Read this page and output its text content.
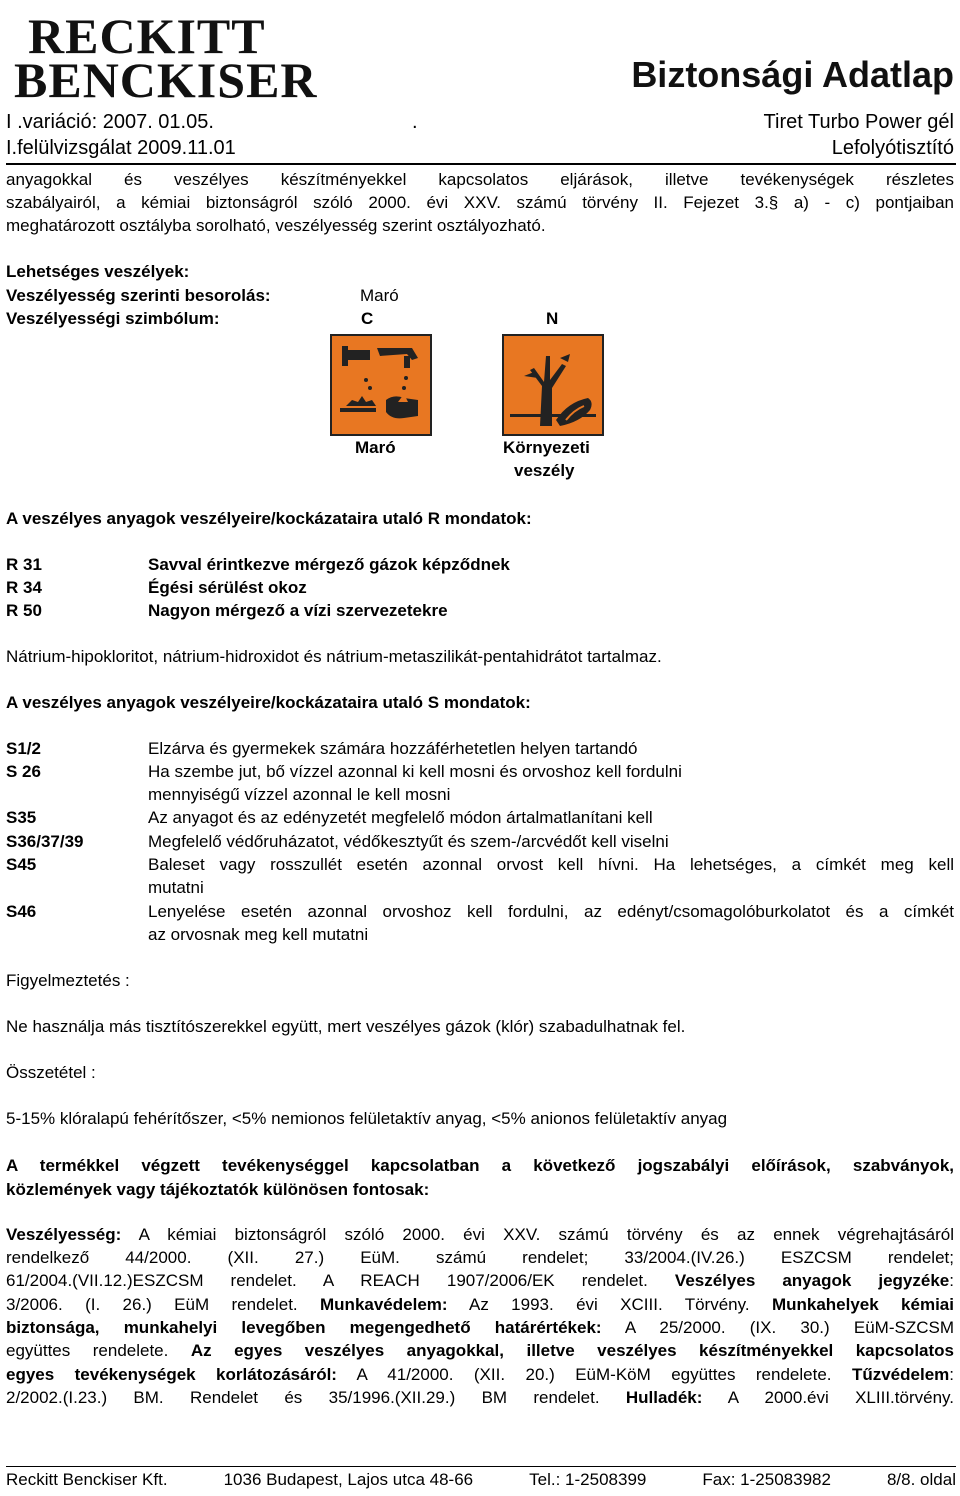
RECKITT
BENCKISER	Biztonsági Adatlap
I .variáció: 2007. 01.05.	.	Tiret Turbo Power gél
I.felülvizsgálat 2009.11.01	Lefolyótisztító
anyagokkal és veszélyes készítményekkel kapcsolatos eljárások, illetve tevékenységek részletes
szabályairól, a kémiai biztonságról szóló 2000. évi XXV. számú törvény II. Fejezet 3.§ a) - c) pontjaiban
meghatározott osztályba sorolható, veszélyesség szerint osztályozható.
Lehetséges veszélyek:
Veszélyesség szerinti besorolás:	Maró
Veszélyességi szimbólum:	C	N
Maró	Környezeti
veszély
A veszélyes anyagok veszélyeire/kockázataira utaló R mondatok:
R 31	Savval érintkezve mérgező gázok képződnek
R 34	Égési sérülést okoz
R 50	Nagyon mérgező a vízi szervezetekre
Nátrium-hipokloritot, nátrium-hidroxidot és nátrium-metaszilikát-pentahidrátot tartalmaz.
A veszélyes anyagok veszélyeire/kockázataira utaló S mondatok:
S1/2	Elzárva és gyermekek számára hozzáférhetetlen helyen tartandó
S 26	Ha szembe jut, bő vízzel azonnal ki kell mosni és orvoshoz kell fordulni
mennyiségű vízzel azonnal le kell mosni
S35	Az anyagot és az edényzetét megfelelő módon ártalmatlanítani kell
S36/37/39	Megfelelő védőruházatot, védőkesztyűt és szem-/arcvédőt kell viselni
S45	Baleset vagy rosszullét esetén azonnal orvost kell hívni. Ha lehetséges, a címkét meg kell
mutatni
S46	Lenyelése esetén azonnal orvoshoz kell fordulni, az edényt/csomagolóburkolatot és a címkét
az orvosnak meg kell mutatni
Figyelmeztetés :
Ne használja más tisztítószerekkel együtt, mert veszélyes gázok (klór) szabadulhatnak fel.
Összetétel :
5-15% klóralapú fehérítőszer, <5% nemionos felületaktív anyag, <5% anionos felületaktív anyag
A termékkel végzett tevékenységgel kapcsolatban a következő jogszabályi előírások, szabványok,
közlemények vagy tájékoztatók különösen fontosak:
Veszélyesség: A kémiai biztonságról szóló 2000. évi XXV. számú törvény és az ennek végrehajtásáról
rendelkező 44/2000. (XII. 27.) EüM. számú rendelet; 33/2004.(IV.26.) ESZCSM rendelet;
61/2004.(VII.12.)ESZCSM rendelet. A REACH 1907/2006/EK rendelet. Veszélyes anyagok jegyzéke:
3/2006. (I. 26.) EüM rendelet. Munkavédelem: Az 1993. évi XCIII. Törvény. Munkahelyek kémiai
biztonsága, munkahelyi levegőben megengedhető határértékek: A 25/2000. (IX. 30.) EüM-SZCSM
együttes rendelete. Az egyes veszélyes anyagokkal, illetve veszélyes készítményekkel kapcsolatos
egyes tevékenységek korlátozásáról: A 41/2000. (XII. 20.) EüM-KöM együttes rendelete. Tűzvédelem:
2/2002.(I.23.) BM. Rendelet és 35/1996.(XII.29.) BM rendelet. Hulladék: A 2000.évi XLIII.törvény.
Reckitt Benckiser Kft.	1036 Budapest, Lajos utca 48-66	Tel.: 1-2508399	Fax: 1-25083982	8/8. oldal
